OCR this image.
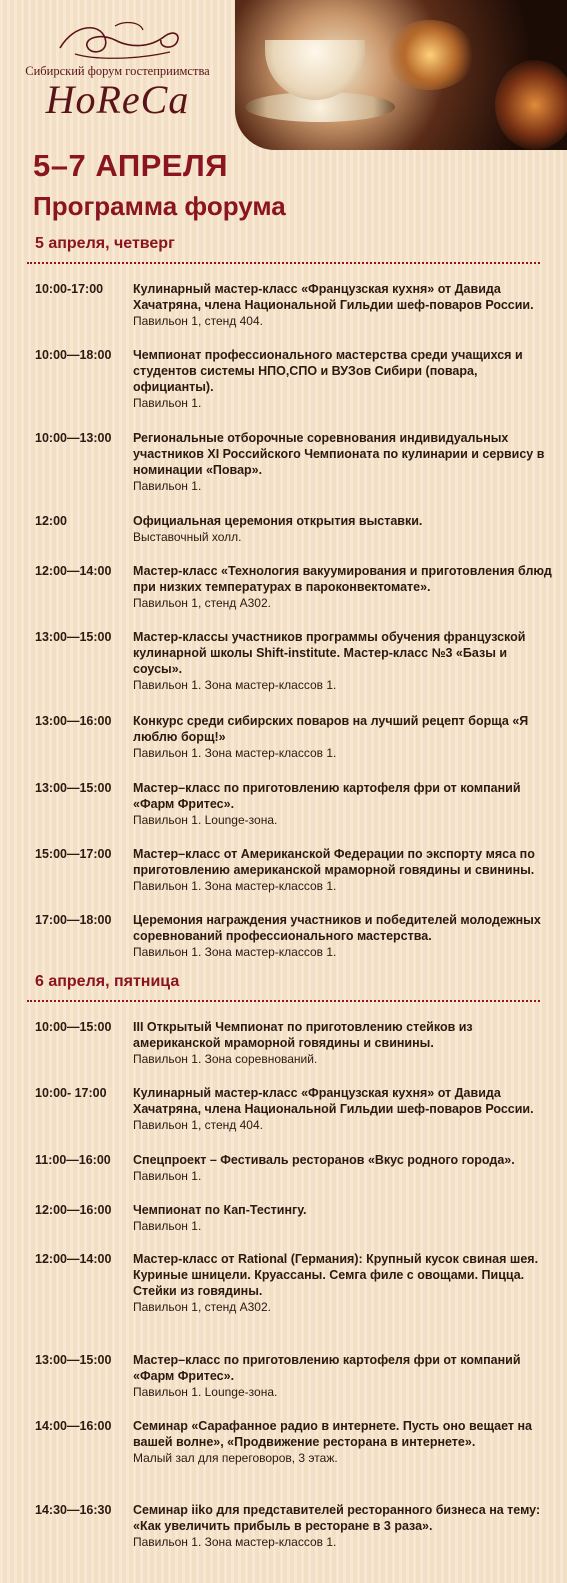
Сибирский форум гостеприимства
HoReCa
5–7 АПРЕЛЯ
Программа форума
5 апреля, четверг
10:00-17:00	Кулинарный мастер-класс «Французская кухня» от Давида Хачатряна, члена Национальной Гильдии шеф-поваров России.
Павильон 1, стенд 404.
10:00—18:00	Чемпионат профессионального мастерства среди учащихся и студентов системы НПО,СПО и ВУЗов Сибири (повара, официанты).
Павильон 1.
10:00—13:00	Региональные отборочные соревнования индивидуальных участников XI Российского Чемпионата по кулинарии и сервису в номинации «Повар».
Павильон 1.
12:00	Официальная церемония открытия выставки.
Выставочный холл.
12:00—14:00	Мастер-класс «Технология вакуумирования и приготовления блюд при низких температурах в пароконвектомате».
Павильон 1, стенд А302.
13:00—15:00	Мастер-классы участников программы обучения французской кулинарной школы Shift-institute. Мастер-класс №3 «Базы и соусы».
Павильон 1. Зона мастер-классов 1.
13:00—16:00	Конкурс среди сибирских поваров на лучший рецепт борща «Я люблю борщ!»
Павильон 1. Зона мастер-классов 1.
13:00—15:00	Мастер–класс по приготовлению картофеля фри от компаний «Фарм Фритес».
Павильон 1. Lounge-зона.
15:00—17:00	Мастер–класс от Американской Федерации по экспорту мяса по приготовлению американской мраморной говядины и свинины.
Павильон 1. Зона мастер-классов 1.
17:00—18:00	Церемония награждения участников и победителей молодежных соревнований профессионального мастерства.
Павильон 1. Зона мастер-классов 1.
6 апреля, пятница
10:00—15:00	III Открытый Чемпионат по приготовлению стейков из американской мраморной говядины и свинины.
Павильон 1. Зона соревнований.
10:00- 17:00	Кулинарный мастер-класс «Французская кухня» от Давида Хачатряна, члена Национальной Гильдии шеф-поваров России.
Павильон 1, стенд 404.
11:00—16:00	Спецпроект – Фестиваль ресторанов «Вкус родного города».
Павильон 1.
12:00—16:00	Чемпионат по Кап-Тестингу.
Павильон 1.
12:00—14:00	Мастер-класс от Rational (Германия): Крупный кусок свиная шея. Куриные шницели. Круассаны. Семга филе с овощами. Пицца. Стейки из говядины.
Павильон 1, стенд А302.
13:00—15:00	Мастер–класс по приготовлению картофеля фри от компаний «Фарм Фритес».
Павильон 1. Lounge-зона.
14:00—16:00	Семинар «Сарафанное радио в интернете. Пусть оно вещает на вашей волне», «Продвижение ресторана в интернете».
Малый зал для переговоров, 3 этаж.
14:30—16:30	Семинар iiko для представителей ресторанного бизнеса на тему: «Как увеличить прибыль в ресторане в 3 раза».
Павильон 1. Зона мастер-классов 1.
